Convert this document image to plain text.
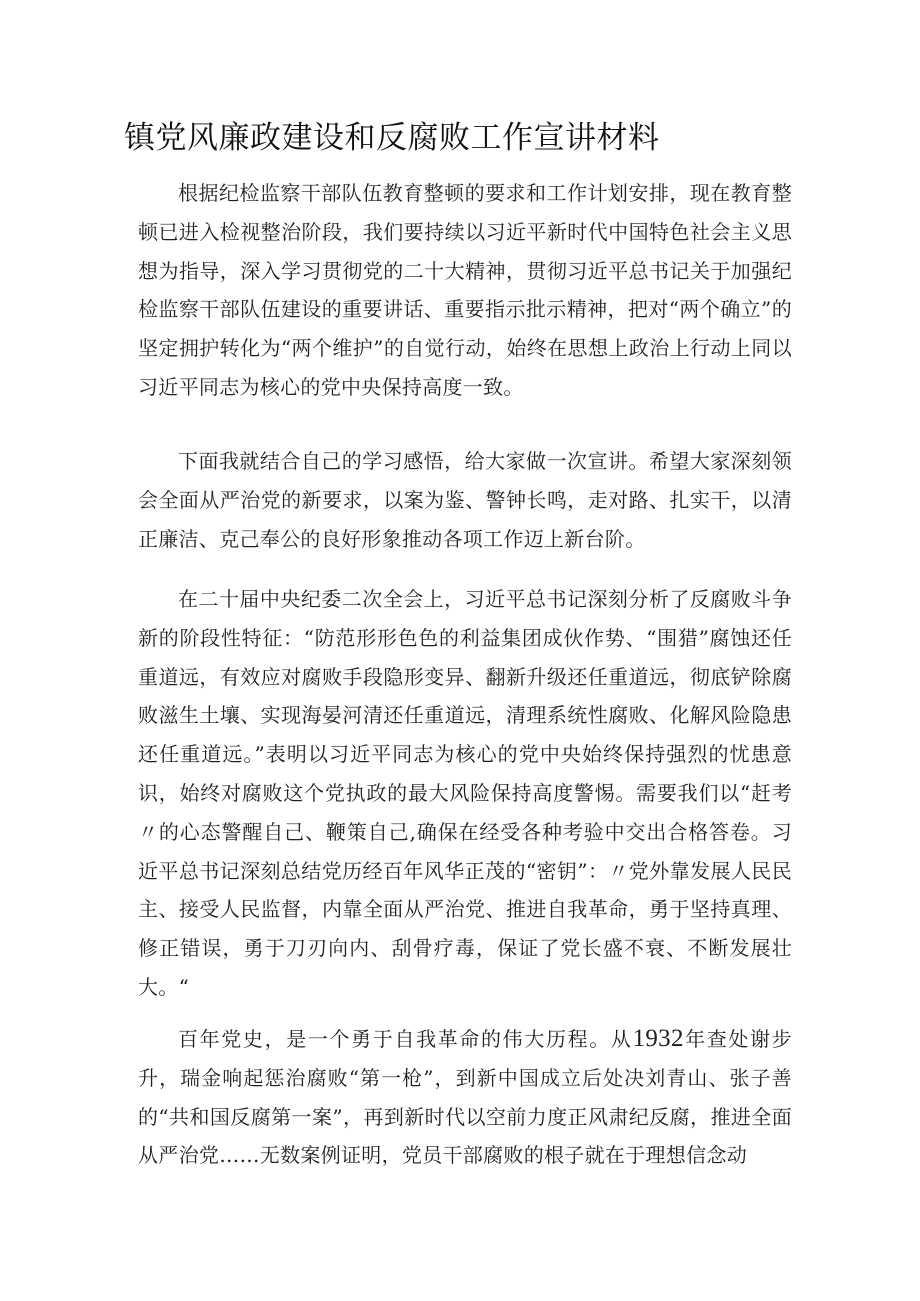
镇党风廉政建设和反腐败工作宣讲材料

根据纪检监察干部队伍教育整顿的要求和工作计划安排，现在教育整顿已进入检视整治阶段，我们要持续以习近平新时代中国特色社会主义思想为指导，深入学习贯彻党的二十大精神，贯彻习近平总书记关于加强纪检监察干部队伍建设的重要讲话、重要指示批示精神，把对“两个确立”的坚定拥护转化为“两个维护”的自觉行动，始终在思想上政治上行动上同以习近平同志为核心的党中央保持高度一致。

下面我就结合自己的学习感悟，给大家做一次宣讲。希望大家深刻领会全面从严治党的新要求，以案为鉴、警钟长鸣，走对路、扎实干，以清正廉洁、克己奉公的良好形象推动各项工作迈上新台阶。

在二十届中央纪委二次全会上，习近平总书记深刻分析了反腐败斗争新的阶段性特征：“防范形形色色的利益集团成伙作势、“围猎”腐蚀还任重道远，有效应对腐败手段隐形变异、翻新升级还任重道远，彻底铲除腐败滋生土壤、实现海晏河清还任重道远，清理系统性腐败、化解风险隐患还任重道远。”表明以习近平同志为核心的党中央始终保持强烈的忧患意识，始终对腐败这个党执政的最大风险保持高度警惕。需要我们以“赶考〃的心态警醒自己、鞭策自己,确保在经受各种考验中交出合格答卷。习近平总书记深刻总结党历经百年风华正茂的“密钥”：〃党外靠发展人民民主、接受人民监督，内靠全面从严治党、推进自我革命，勇于坚持真理、修正错误，勇于刀刃向内、刮骨疗毒，保证了党长盛不衰、不断发展壮大。“

百年党史，是一个勇于自我革命的伟大历程。从1932年查处谢步升，瑞金响起惩治腐败“第一枪”，到新中国成立后处决刘青山、张子善的“共和国反腐第一案”，再到新时代以空前力度正风肃纪反腐，推进全面从严治党……无数案例证明，党员干部腐败的根子就在于理想信念动
